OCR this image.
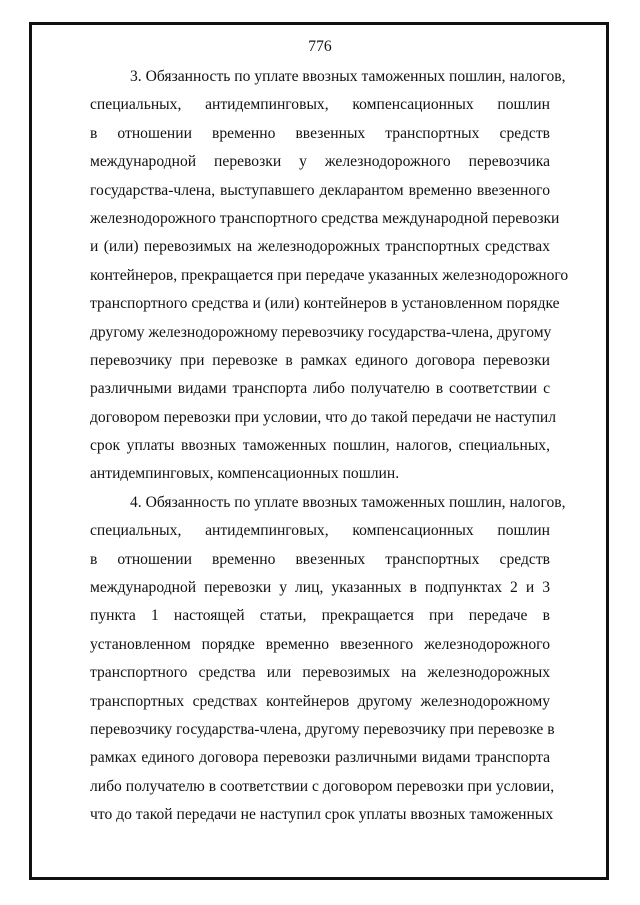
776
3. Обязанность по уплате ввозных таможенных пошлин, налогов,
специальных, антидемпинговых, компенсационных пошлин
в отношении временно ввезенных транспортных средств
международной перевозки у железнодорожного перевозчика
государства-члена, выступавшего декларантом временно ввезенного
железнодорожного транспортного средства международной перевозки
и (или) перевозимых на железнодорожных транспортных средствах
контейнеров, прекращается при передаче указанных железнодорожного
транспортного средства и (или) контейнеров в установленном порядке
другому железнодорожному перевозчику государства-члена, другому
перевозчику при перевозке в рамках единого договора перевозки
различными видами транспорта либо получателю в соответствии с
договором перевозки при условии, что до такой передачи не наступил
срок уплаты ввозных таможенных пошлин, налогов, специальных,
антидемпинговых, компенсационных пошлин.
4. Обязанность по уплате ввозных таможенных пошлин, налогов,
специальных, антидемпинговых, компенсационных пошлин
в отношении временно ввезенных транспортных средств
международной перевозки у лиц, указанных в подпунктах 2 и 3
пункта 1 настоящей статьи, прекращается при передаче в
установленном порядке временно ввезенного железнодорожного
транспортного средства или перевозимых на железнодорожных
транспортных средствах контейнеров другому железнодорожному
перевозчику государства-члена, другому перевозчику при перевозке в
рамках единого договора перевозки различными видами транспорта
либо получателю в соответствии с договором перевозки при условии,
что до такой передачи не наступил срок уплаты ввозных таможенных
